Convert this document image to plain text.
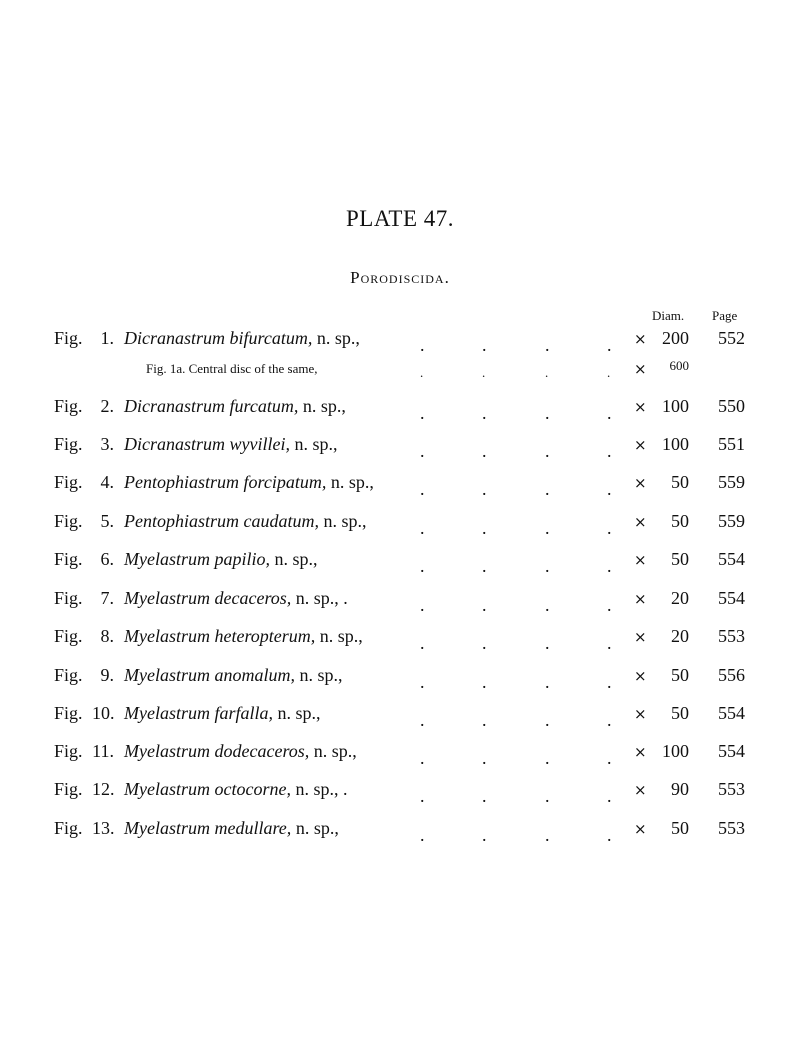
PLATE 47.
Porodiscida.
Diam. Page
Fig. 1. Dicranastrum bifurcatum, n. sp.,	.	.	.	. × 200	552
Fig. 1a. Central disc of the same,	.	.	.	. ×	600
Fig. 2. Dicranastrum furcatum, n. sp.,	.	.	.	. × 100	550
Fig. 3. Dicranastrum wyvillei, n. sp.,	.	.	.	. × 100	551
Fig. 4. Pentophiastrum forcipatum, n. sp.,	.	.	.	. ×	50	559
Fig. 5. Pentophiastrum caudatum, n. sp.,	.	.	.	. ×	50	559
Fig. 6. Myelastrum papilio, n. sp.,	.	.	.	. ×	50	554
Fig. 7. Myelastrum decaceros, n. sp., .	.	.	.	. ×	20	554
Fig. 8. Myelastrum heteropterum, n. sp.,	.	.	.	. ×	20	553
Fig. 9. Myelastrum anomalum, n. sp.,	.	.	.	. ×	50	556
Fig. 10. Myelastrum farfalla, n. sp.,	.	.	.	. ×	50	554
Fig. 11. Myelastrum dodecaceros, n. sp.,	.	.	.	. × 100	554
Fig. 12. Myelastrum octocorne, n. sp., .	.	.	.	. ×	90	553
Fig. 13. Myelastrum medullare, n. sp.,	.	.	.	. ×	50	553
